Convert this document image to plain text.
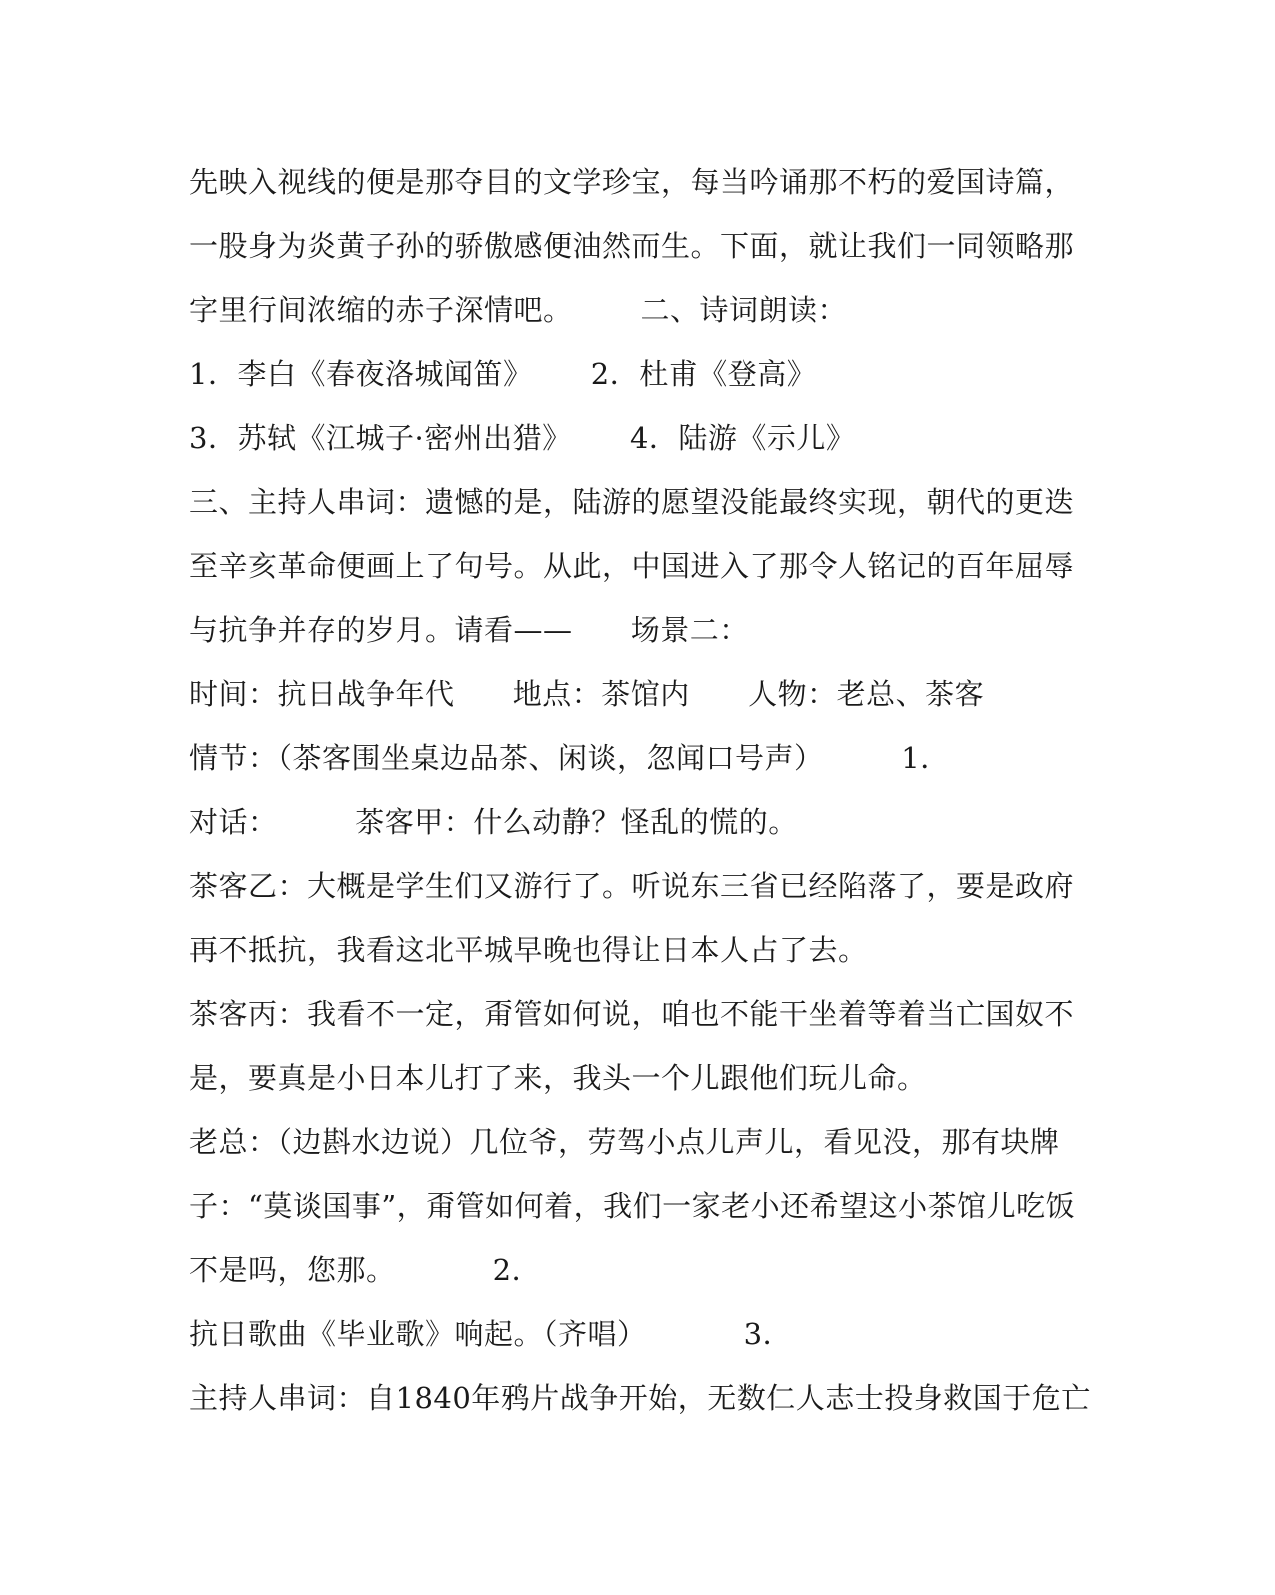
先映入视线的便是那夺目的文学珍宝，每当吟诵那不朽的爱国诗篇，
一股身为炎黄子孙的骄傲感便油然而生。下面，就让我们一同领略那
字里行间浓缩的赤子深情吧。       二、诗词朗读：
1．李白《春夜洛城闻笛》      2．杜甫《登高》
3．苏轼《江城子·密州出猎》      4．陆游《示儿》
三、主持人串词：遗憾的是，陆游的愿望没能最终实现，朝代的更迭
至辛亥革命便画上了句号。从此，中国进入了那令人铭记的百年屈辱
与抗争并存的岁月。请看——      场景二：
时间：抗日战争年代      地点：茶馆内      人物：老总、茶客
情节：（茶客围坐桌边品茶、闲谈，忽闻口号声）        1．
对话：        茶客甲：什么动静？怪乱的慌的。
茶客乙：大概是学生们又游行了。听说东三省已经陷落了，要是政府
再不抵抗，我看这北平城早晚也得让日本人占了去。
茶客丙：我看不一定，甭管如何说，咱也不能干坐着等着当亡国奴不
是，要真是小日本儿打了来，我头一个儿跟他们玩儿命。
老总：（边斟水边说）几位爷，劳驾小点儿声儿，看见没，那有块牌
子：“莫谈国事”，甭管如何着，我们一家老小还希望这小茶馆儿吃饭
不是吗，您那。          2．
抗日歌曲《毕业歌》响起。（齐唱）          3．
主持人串词：自1840年鸦片战争开始，无数仁人志士投身救国于危亡
